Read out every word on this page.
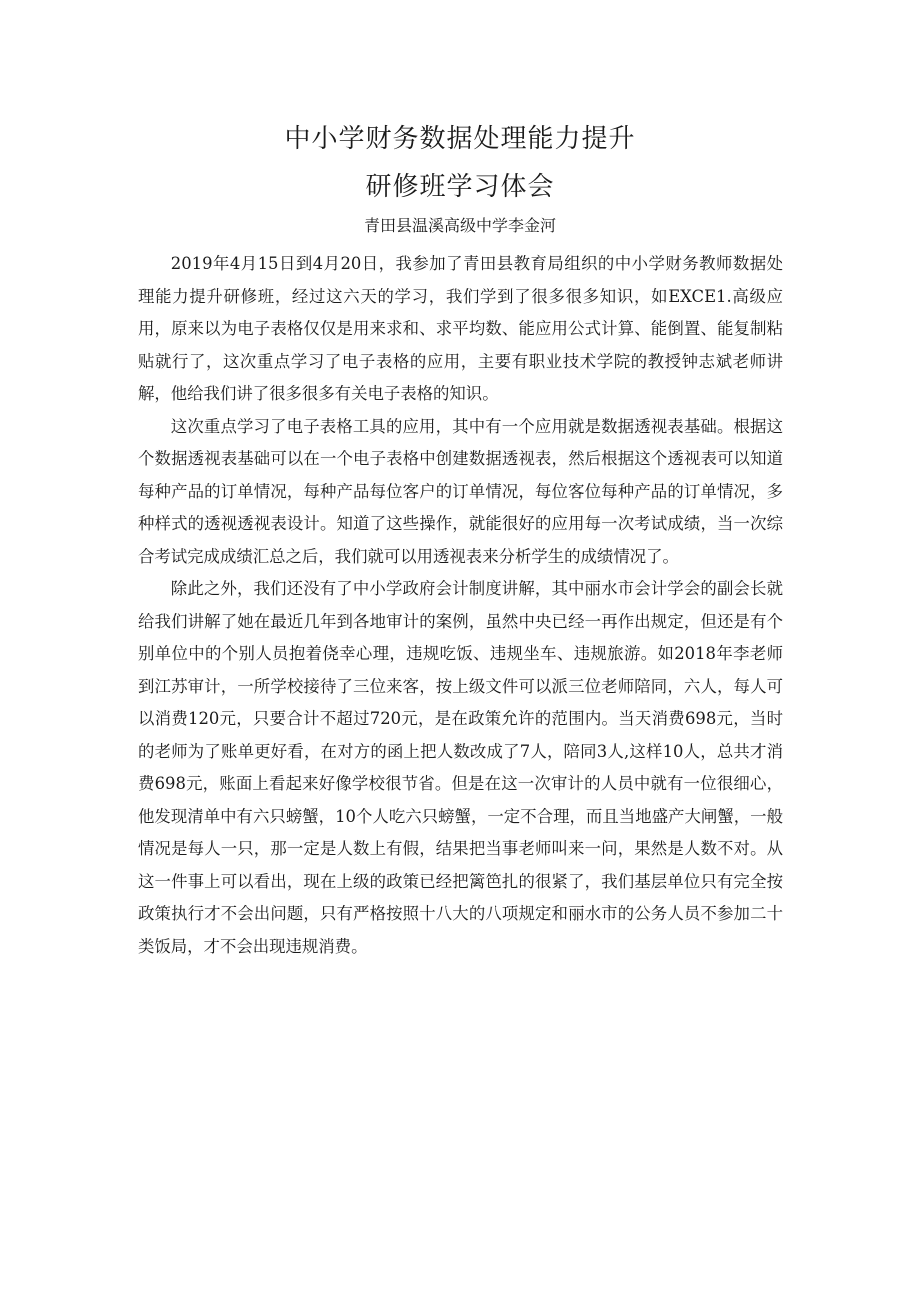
中小学财务数据处理能力提升
研修班学习体会

青田县温溪高级中学李金河

2019年4月15日到4月20日，我参加了青田县教育局组织的中小学财务教师数据处理能力提升研修班，经过这六天的学习，我们学到了很多很多知识，如EXCE1.高级应用，原来以为电子表格仅仅是用来求和、求平均数、能应用公式计算、能倒置、能复制粘贴就行了，这次重点学习了电子表格的应用，主要有职业技术学院的教授钟志斌老师讲解，他给我们讲了很多很多有关电子表格的知识。

这次重点学习了电子表格工具的应用，其中有一个应用就是数据透视表基础。根据这个数据透视表基础可以在一个电子表格中创建数据透视表，然后根据这个透视表可以知道每种产品的订单情况，每种产品每位客户的订单情况，每位客位每种产品的订单情况，多种样式的透视透视表设计。知道了这些操作，就能很好的应用每一次考试成绩，当一次综合考试完成成绩汇总之后，我们就可以用透视表来分析学生的成绩情况了。

除此之外，我们还没有了中小学政府会计制度讲解，其中丽水市会计学会的副会长就给我们讲解了她在最近几年到各地审计的案例，虽然中央已经一再作出规定，但还是有个别单位中的个别人员抱着侥幸心理，违规吃饭、违规坐车、违规旅游。如2018年李老师到江苏审计，一所学校接待了三位来客，按上级文件可以派三位老师陪同，六人，每人可以消费120元，只要合计不超过720元，是在政策允许的范围内。当天消费698元，当时的老师为了账单更好看，在对方的函上把人数改成了7人，陪同3人,这样10人，总共才消费698元，账面上看起来好像学校很节省。但是在这一次审计的人员中就有一位很细心，他发现清单中有六只螃蟹，10个人吃六只螃蟹，一定不合理，而且当地盛产大闸蟹，一般情况是每人一只，那一定是人数上有假，结果把当事老师叫来一问，果然是人数不对。从这一件事上可以看出，现在上级的政策已经把篱笆扎的很紧了，我们基层单位只有完全按政策执行才不会出问题，只有严格按照十八大的八项规定和丽水市的公务人员不参加二十类饭局，才不会出现违规消费。
